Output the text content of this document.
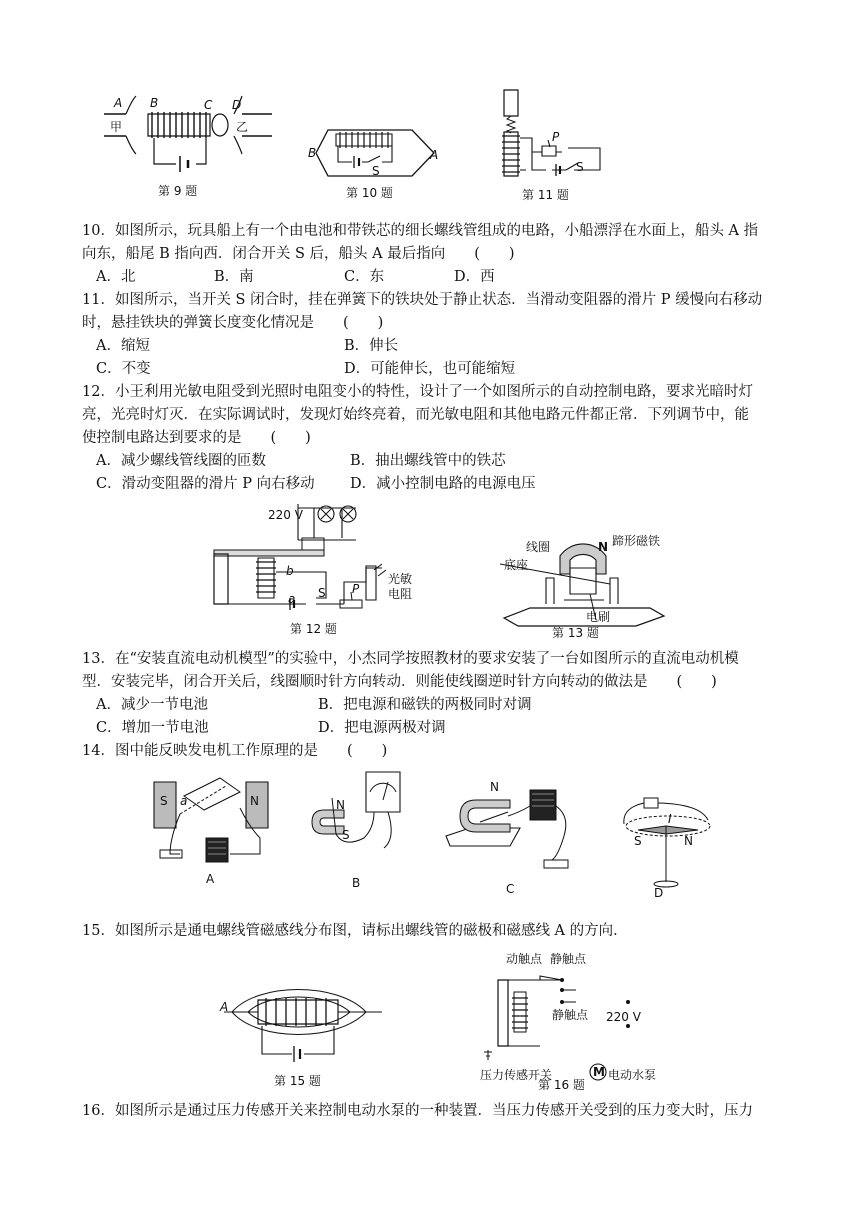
A B	C D
甲	乙
第 9 题
B	A
S
第 10 题
P
S
第 11 题
10．如图所示，玩具船上有一个由电池和带铁芯的细长螺线管组成的电路，小船漂浮在水面上，船头 A 指
向东，船尾 B 指向西．闭合开关 S 后，船头 A 最后指向　　(　　)
A．北	B．南	C．东	D．西
11．如图所示，当开关 S 闭合时，挂在弹簧下的铁块处于静止状态．当滑动变阻器的滑片 P 缓慢向右移动
时，悬挂铁块的弹簧长度变化情况是　　(　　)
A．缩短	B．伸长
C．不变	D．可能伸长，也可能缩短
12．小王利用光敏电阻受到光照时电阻变小的特性，设计了一个如图所示的自动控制电路，要求光暗时灯
亮，光亮时灯灭．在实际调试时，发现灯始终亮着，而光敏电阻和其他电路元件都正常．下列调节中，能
使控制电路达到要求的是　　(　　)
A．减少螺线管线圈的匝数	B．抽出螺线管中的铁芯
C．滑动变阻器的滑片 P 向右移动 D．减小控制电路的电源电压
220 V
b
a S P
光敏
电阻
第 12 题
线圈	蹄形磁铁
底座
N
电刷
第 13 题
13．在“安装直流电动机模型”的实验中，小杰同学按照教材的要求安装了一台如图所示的直流电动机模
型．安装完毕，闭合开关后，线圈顺时针方向转动．则能使线圈逆时针方向转动的做法是　　(　　)
A．减少一节电池	B．把电源和磁铁的两极同时对调
C．增加一节电池	D．把电源两极对调
14．图中能反映发电机工作原理的是　　(　　)
S	N
a
A
N
S
B
N
C
I
S	N
D
15．如图所示是通电螺线管磁感线分布图，请标出螺线管的磁极和磁感线 A 的方向．
A
第 15 题
动触点 静触点
静触点 220 V
压力传感开关	M 电动水泵
第 16 题
16．如图所示是通过压力传感开关来控制电动水泵的一种装置．当压力传感开关受到的压力变大时，压力
